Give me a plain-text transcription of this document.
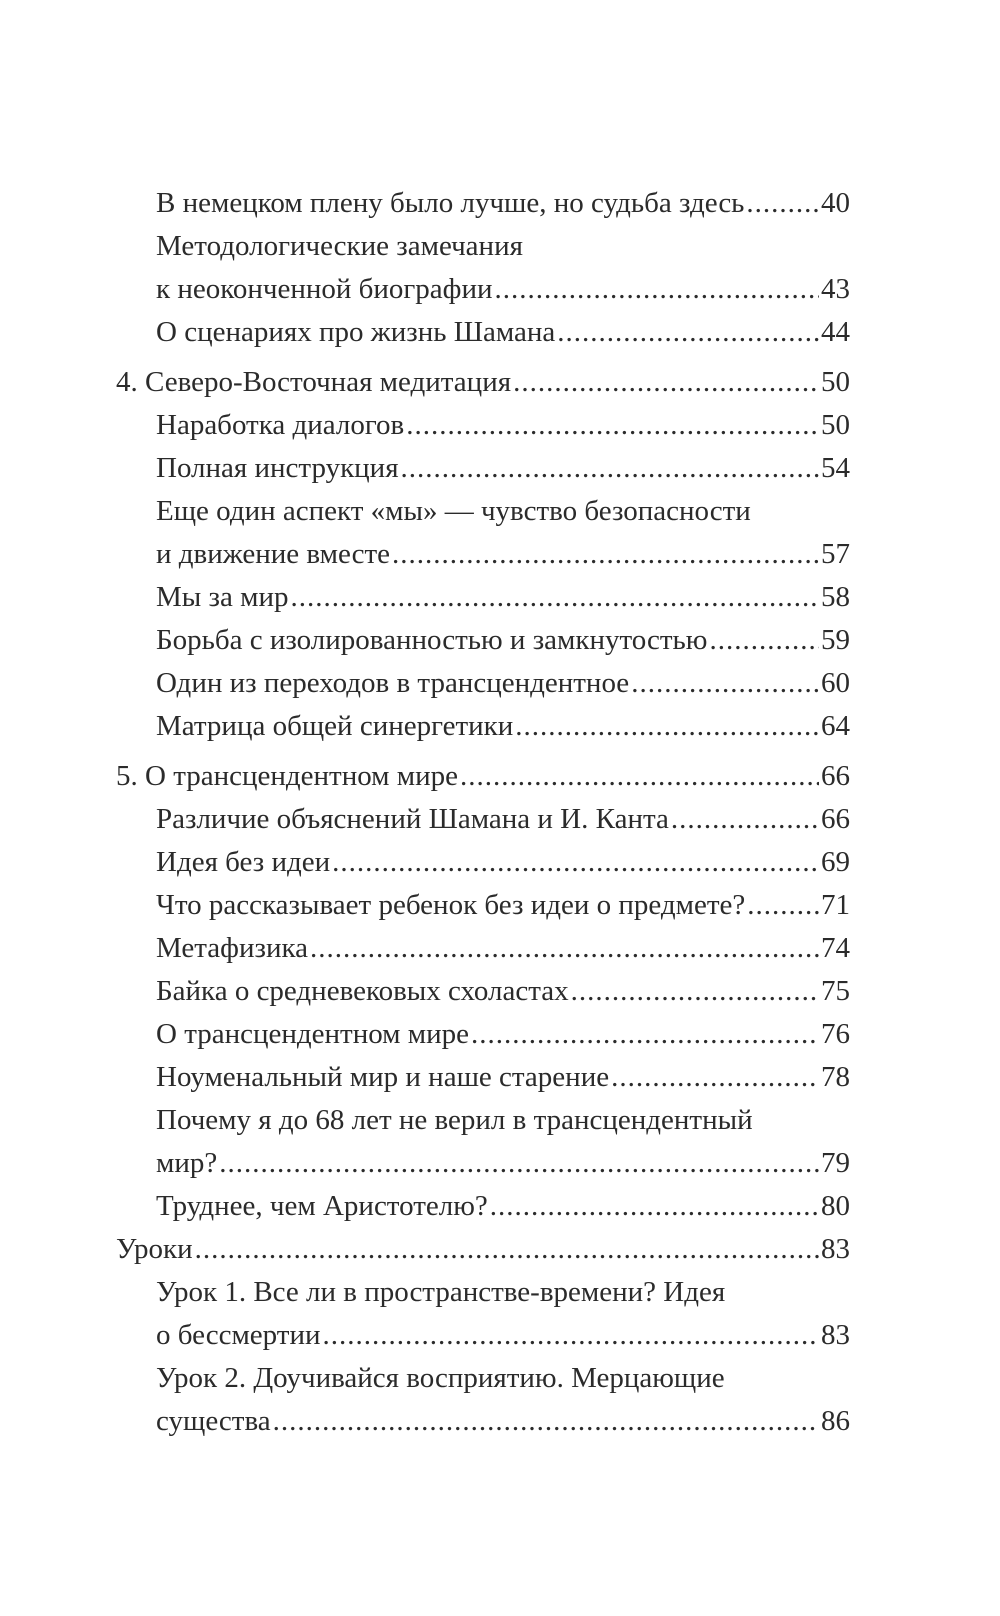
В немецком плену было лучше, но судьба здесь .....	40
Методологические замечания
к неоконченной биографии .....	43
О сценариях про жизнь Шамана .....	44
4. Северо-Восточная медитация .....	50
Наработка диалогов .....	50
Полная инструкция .....	54
Еще один аспект «мы» — чувство безопасности
и движение вместе .....	57
Мы за мир .....	58
Борьба с изолированностью и замкнутостью .....	59
Один из переходов в трансцендентное .....	60
Матрица общей синергетики .....	64
5. О трансцендентном мире .....	66
Различие объяснений Шамана и И. Канта .....	66
Идея без идеи .....	69
Что рассказывает ребенок без идеи о предмете? .....	71
Метафизика .....	74
Байка о средневековых схоластах .....	75
О трансцендентном мире .....	76
Ноуменальный мир и наше старение .....	78
Почему я до 68 лет не верил в трансцендентный
мир? .....	79
Труднее, чем Аристотелю? .....	80
Уроки .....	83
Урок 1. Все ли в пространстве-времени? Идея
о бессмертии .....	83
Урок 2. Доучивайся восприятию. Мерцающие
существа .....	86
